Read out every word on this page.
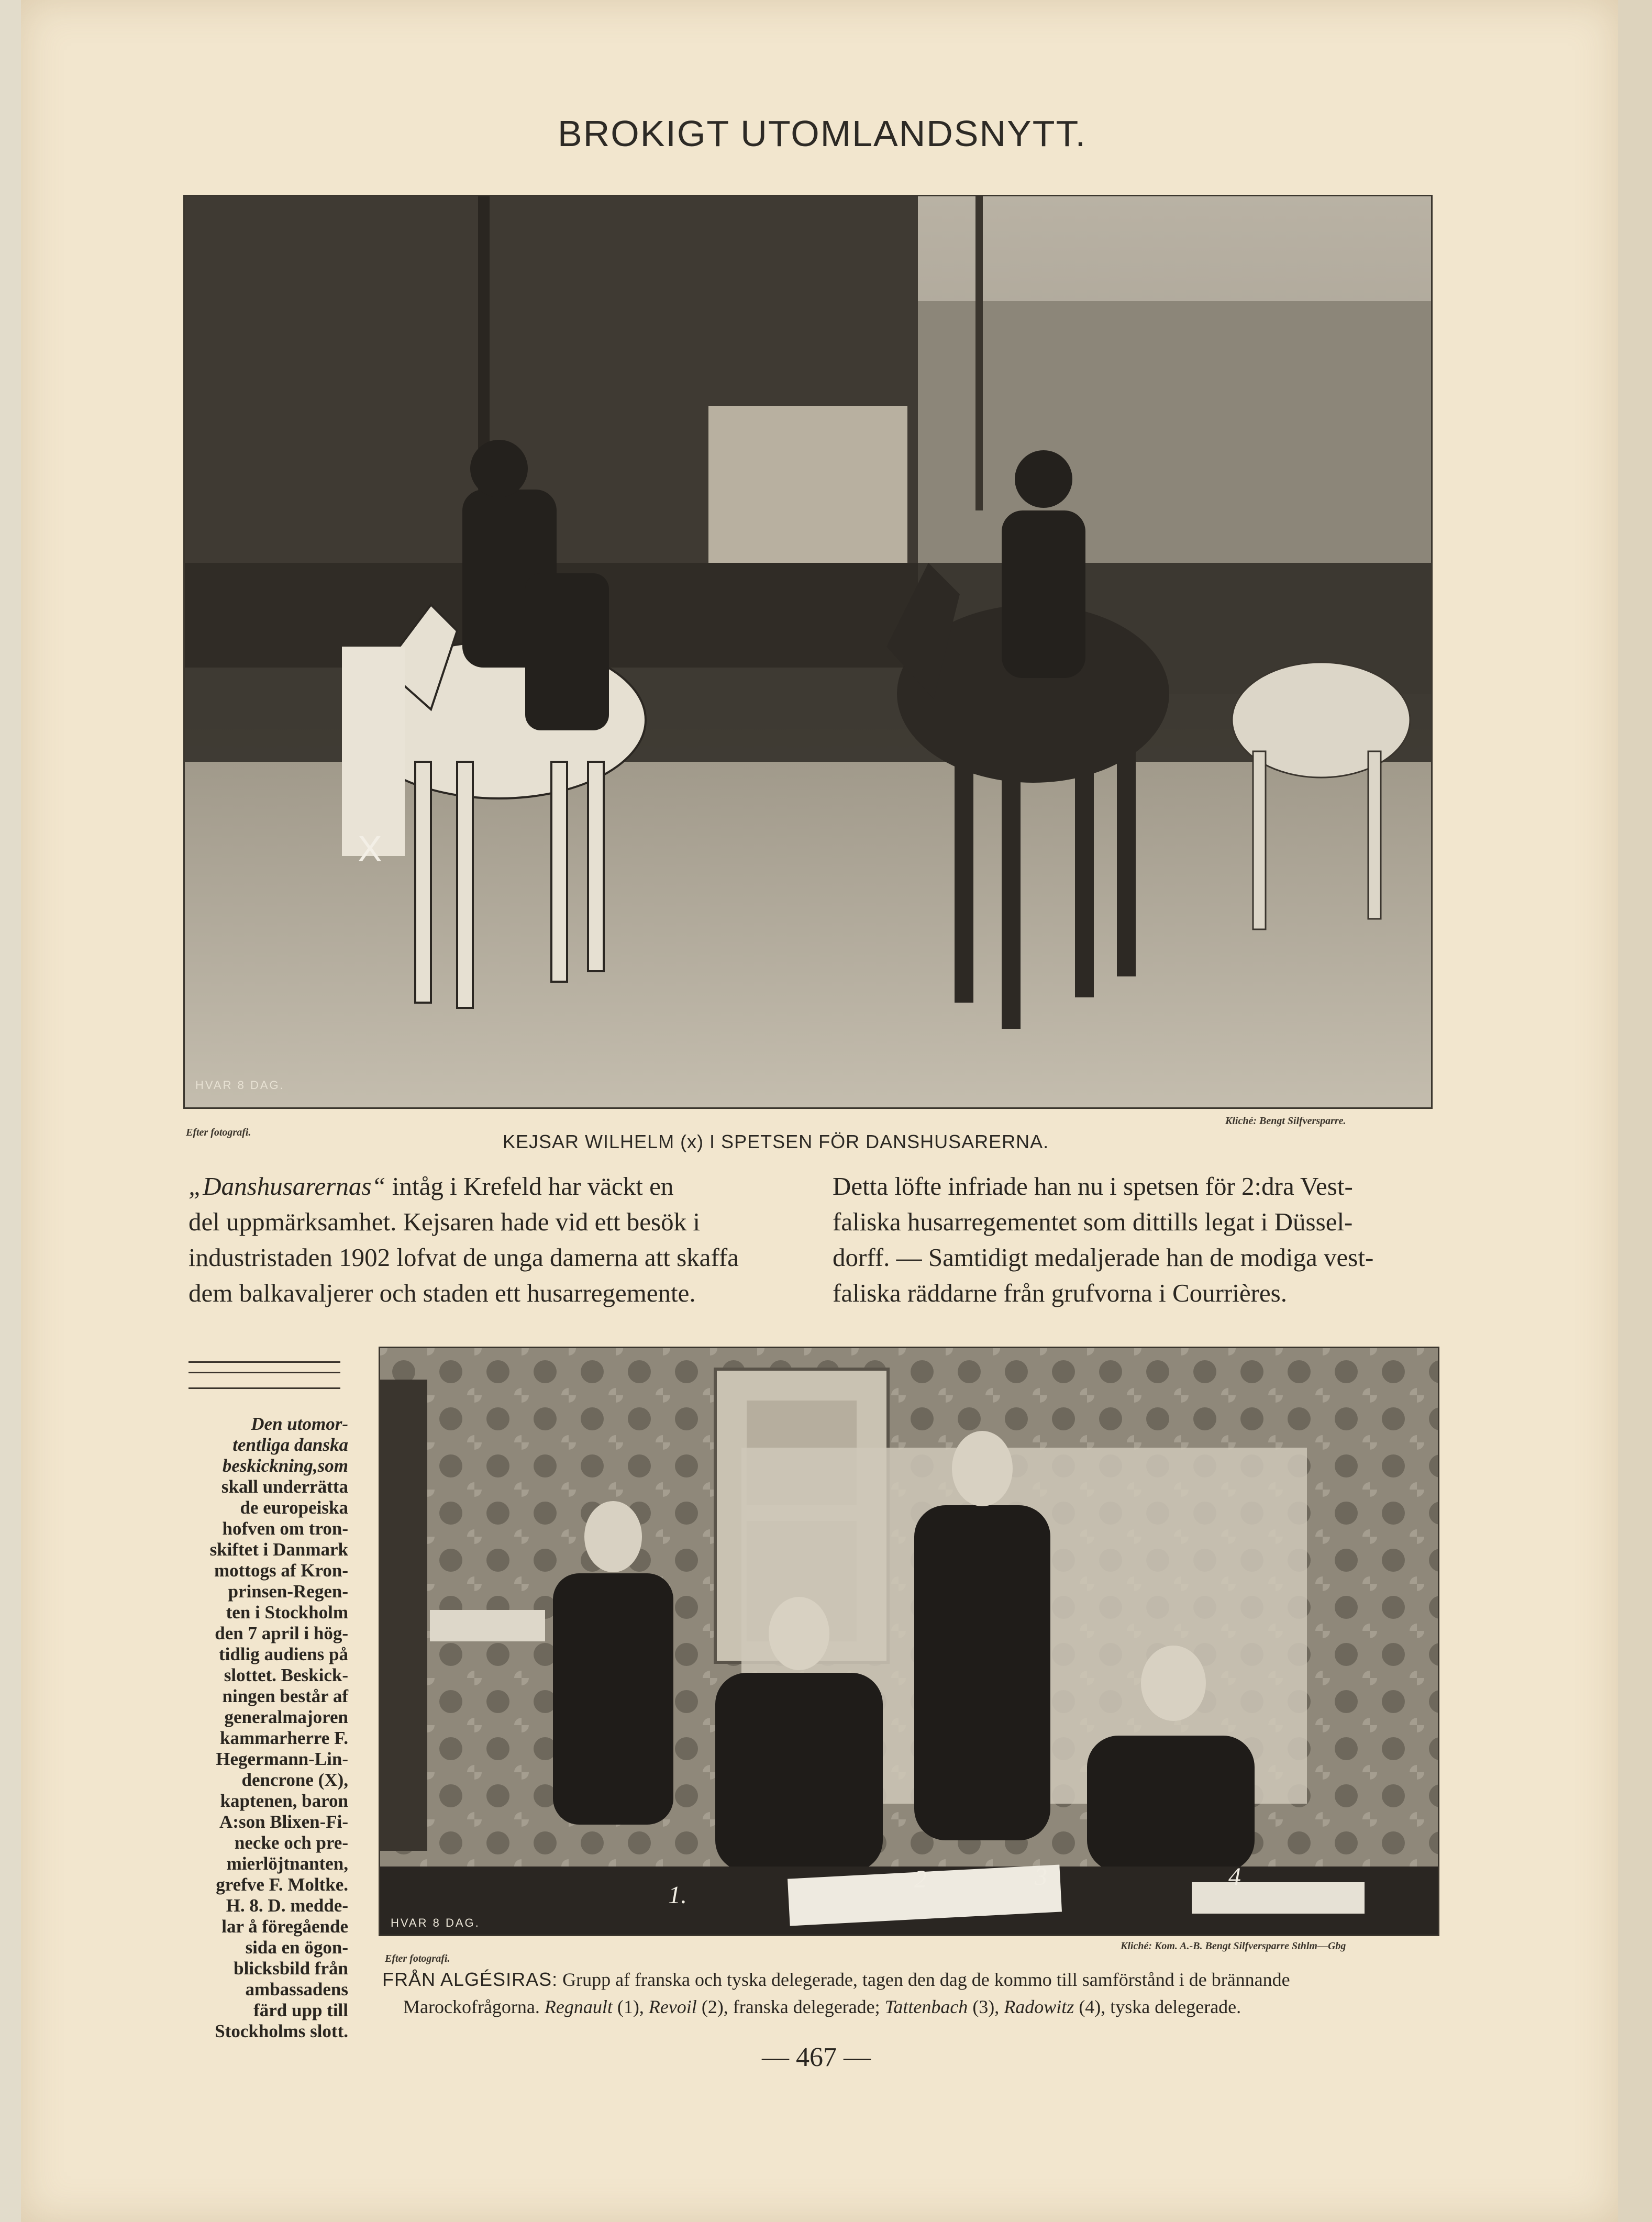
BROKIGT UTOMLANDSNYTT.
X
HVAR 8 DAG.
Efter fotografi.
Kliché: Bengt Silfversparre.
KEJSAR WILHELM (x) I SPETSEN FÖR DANSHUSARERNA.
„Danshusarernas“ intåg i Krefeld har väckt en
del uppmärksamhet. Kejsaren hade vid ett besök i
industristaden 1902 lofvat de unga damerna att skaffa
dem balkavaljerer och staden ett husarregemente.
Detta löfte infriade han nu i spetsen för 2:dra Vest-
faliska husarregementet som dittills legat i Düssel-
dorff. — Samtidigt medaljerade han de modiga vest-
faliska räddarne från grufvorna i Courrières.
Den utomor-
tentliga danska
beskickning,som
skall underrätta
de europeiska
hofven om tron-
skiftet i Danmark
mottogs af Kron-
prinsen-Regen-
ten i Stockholm
den 7 april i hög-
tidlig audiens på
slottet. Beskick-
ningen består af
generalmajoren
kammarherre F.
Hegermann-Lin-
dencrone (X),
kaptenen, baron
A:son Blixen-Fi-
necke och pre-
mierlöjtnanten,
grefve F. Moltke.
H. 8. D. medde-
lar å föregående
sida en ögon-
blicksbild från
ambassadens
färd upp till
Stockholms slott.
1.
2	3	4
HVAR 8 DAG.
Efter fotografi.
Kliché: Kom. A.-B. Bengt Silfversparre Sthlm—Gbg
FRÅN ALGÉSIRAS: Grupp af franska och tyska delegerade, tagen den dag de kommo till samförstånd i de brännande
Marockofrågorna. Regnault (1), Revoil (2), franska delegerade; Tattenbach (3), Radowitz (4), tyska delegerade.
— 467 —
